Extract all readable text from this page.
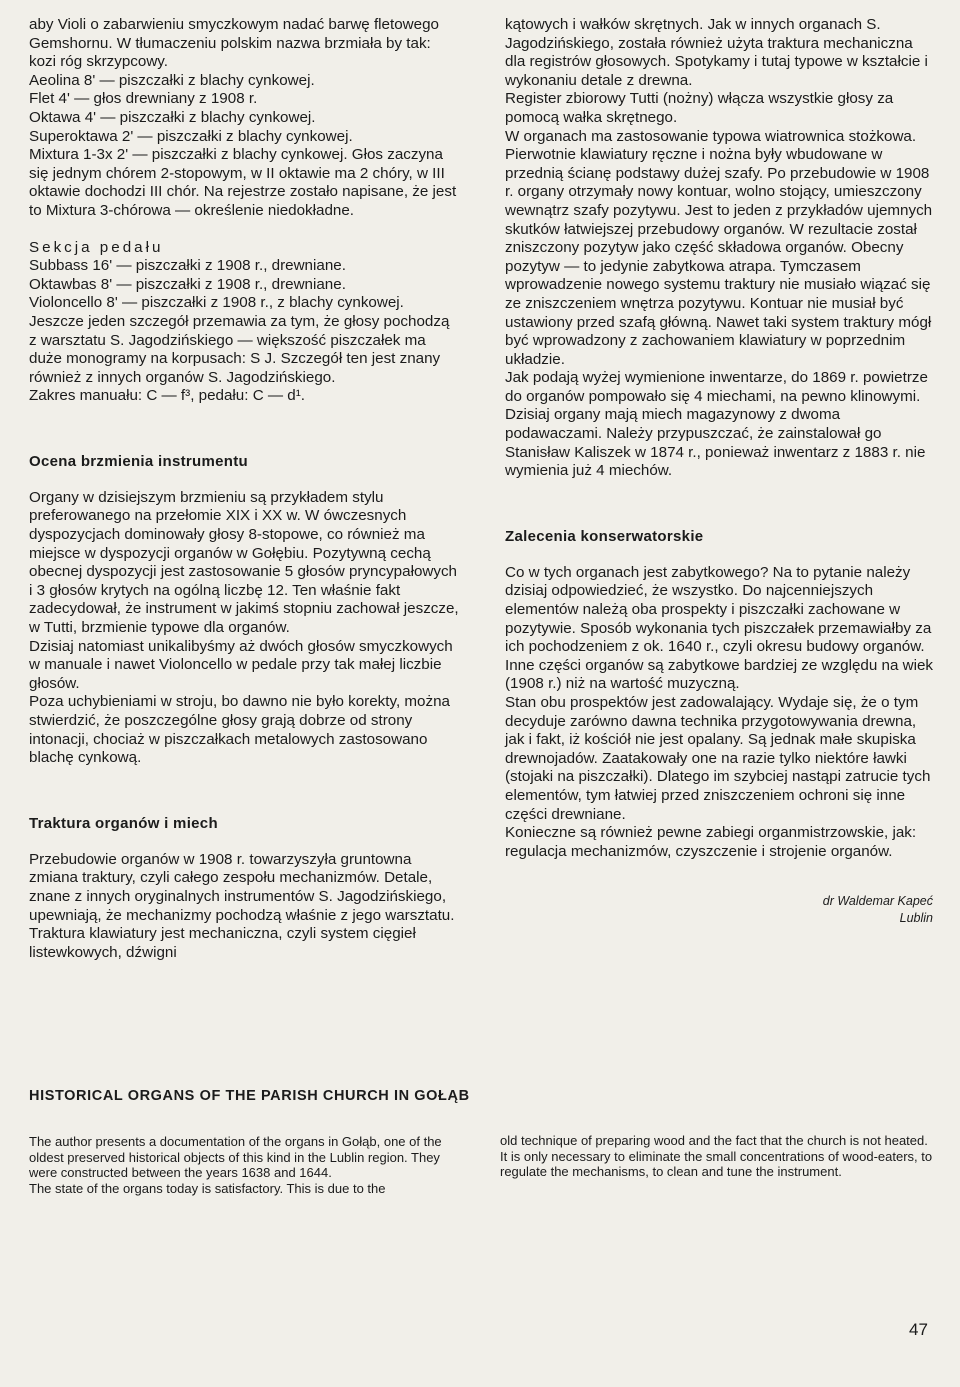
aby Violi o zabarwieniu smyczkowym nadać barwę fletowego Gemshornu. W tłumaczeniu polskim nazwa brzmiała by tak: kozi róg skrzypcowy.

Aeolina 8' — piszczałki z blachy cynkowej.

Flet 4' — głos drewniany z 1908 r.

Oktawa 4' — piszczałki z blachy cynkowej.

Superoktawa 2' — piszczałki z blachy cynkowej.

Mixtura 1-3x 2' — piszczałki z blachy cynkowej. Głos zaczyna się jednym chórem 2-stopowym, w II oktawie ma 2 chóry, w III oktawie dochodzi III chór. Na rejestrze zostało napisane, że jest to Mixtura 3-chórowa — określenie niedokładne.

Sekcja pedału

Subbass 16' — piszczałki z 1908 r., drewniane.

Oktawbas 8' — piszczałki z 1908 r., drewniane.

Violoncello 8' — piszczałki z 1908 r., z blachy cynkowej.

Jeszcze jeden szczegół przemawia za tym, że głosy pochodzą z warsztatu S. Jagodzińskiego — większość piszczałek ma duże monogramy na korpusach: S J. Szczegół ten jest znany również z innych organów S. Jagodzińskiego.

Zakres manuału: C — f³, pedału: C — d¹.

Ocena brzmienia instrumentu

Organy w dzisiejszym brzmieniu są przykładem stylu preferowanego na przełomie XIX i XX w. W ówczesnych dyspozycjach dominowały głosy 8-stopowe, co również ma miejsce w dyspozycji organów w Gołębiu. Pozytywną cechą obecnej dyspozycji jest zastosowanie 5 głosów pryncypałowych i 3 głosów krytych na ogólną liczbę 12. Ten właśnie fakt zadecydował, że instrument w jakimś stopniu zachował jeszcze, w Tutti, brzmienie typowe dla organów.

Dzisiaj natomiast unikalibyśmy aż dwóch głosów smyczkowych w manuale i nawet Violoncello w pedale przy tak małej liczbie głosów.

Poza uchybieniami w stroju, bo dawno nie było korekty, można stwierdzić, że poszczególne głosy grają dobrze od strony intonacji, chociaż w piszczałkach metalowych zastosowano blachę cynkową.

Traktura organów i miech

Przebudowie organów w 1908 r. towarzyszyła gruntowna zmiana traktury, czyli całego zespołu mechanizmów. Detale, znane z innych oryginalnych instrumentów S. Jagodzińskiego, upewniają, że mechanizmy pochodzą właśnie z jego warsztatu. Traktura klawiatury jest mechaniczna, czyli system cięgieł listewkowych, dźwigni

kątowych i wałków skrętnych. Jak w innych organach S. Jagodzińskiego, została również użyta traktura mechaniczna dla registrów głosowych. Spotykamy i tutaj typowe w kształcie i wykonaniu detale z drewna.

Register zbiorowy Tutti (nożny) włącza wszystkie głosy za pomocą wałka skrętnego.

W organach ma zastosowanie typowa wiatrownica stożkowa.

Pierwotnie klawiatury ręczne i nożna były wbudowane w przednią ścianę podstawy dużej szafy. Po przebudowie w 1908 r. organy otrzymały nowy kontuar, wolno stojący, umieszczony wewnątrz szafy pozytywu. Jest to jeden z przykładów ujemnych skutków łatwiejszej przebudowy organów. W rezultacie został zniszczony pozytyw jako część składowa organów. Obecny pozytyw — to jedynie zabytkowa atrapa. Tymczasem wprowadzenie nowego systemu traktury nie musiało wiązać się ze zniszczeniem wnętrza pozytywu. Kontuar nie musiał być ustawiony przed szafą główną. Nawet taki system traktury mógł być wprowadzony z zachowaniem klawiatury w poprzednim układzie.

Jak podają wyżej wymienione inwentarze, do 1869 r. powietrze do organów pompowało się 4 miechami, na pewno klinowymi. Dzisiaj organy mają miech magazynowy z dwoma podawaczami. Należy przypuszczać, że zainstalował go Stanisław Kaliszek w 1874 r., ponieważ inwentarz z 1883 r. nie wymienia już 4 miechów.

Zalecenia konserwatorskie

Co w tych organach jest zabytkowego? Na to pytanie należy dzisiaj odpowiedzieć, że wszystko. Do najcenniejszych elementów należą oba prospekty i piszczałki zachowane w pozytywie. Sposób wykonania tych piszczałek przemawiałby za ich pochodzeniem z ok. 1640 r., czyli okresu budowy organów. Inne części organów są zabytkowe bardziej ze względu na wiek (1908 r.) niż na wartość muzyczną.

Stan obu prospektów jest zadowalający. Wydaje się, że o tym decyduje zarówno dawna technika przygotowywania drewna, jak i fakt, iż kościół nie jest opalany. Są jednak małe skupiska drewnojadów. Zaatakowały one na razie tylko niektóre ławki (stojaki na piszczałki). Dlatego im szybciej nastąpi zatrucie tych elementów, tym łatwiej przed zniszczeniem ochroni się inne części drewniane.

Konieczne są również pewne zabiegi organmistrzowskie, jak: regulacja mechanizmów, czyszczenie i strojenie organów.

dr Waldemar Kapeć
Lublin

HISTORICAL ORGANS OF THE PARISH CHURCH IN GOŁĄB

The author presents a documentation of the organs in Gołąb, one of the oldest preserved historical objects of this kind in the Lublin region. They were constructed between the years 1638 and 1644.

The state of the organs today is satisfactory. This is due to the

old technique of preparing wood and the fact that the church is not heated. It is only necessary to eliminate the small concentrations of wood-eaters, to regulate the mechanisms, to clean and tune the instrument.

47
